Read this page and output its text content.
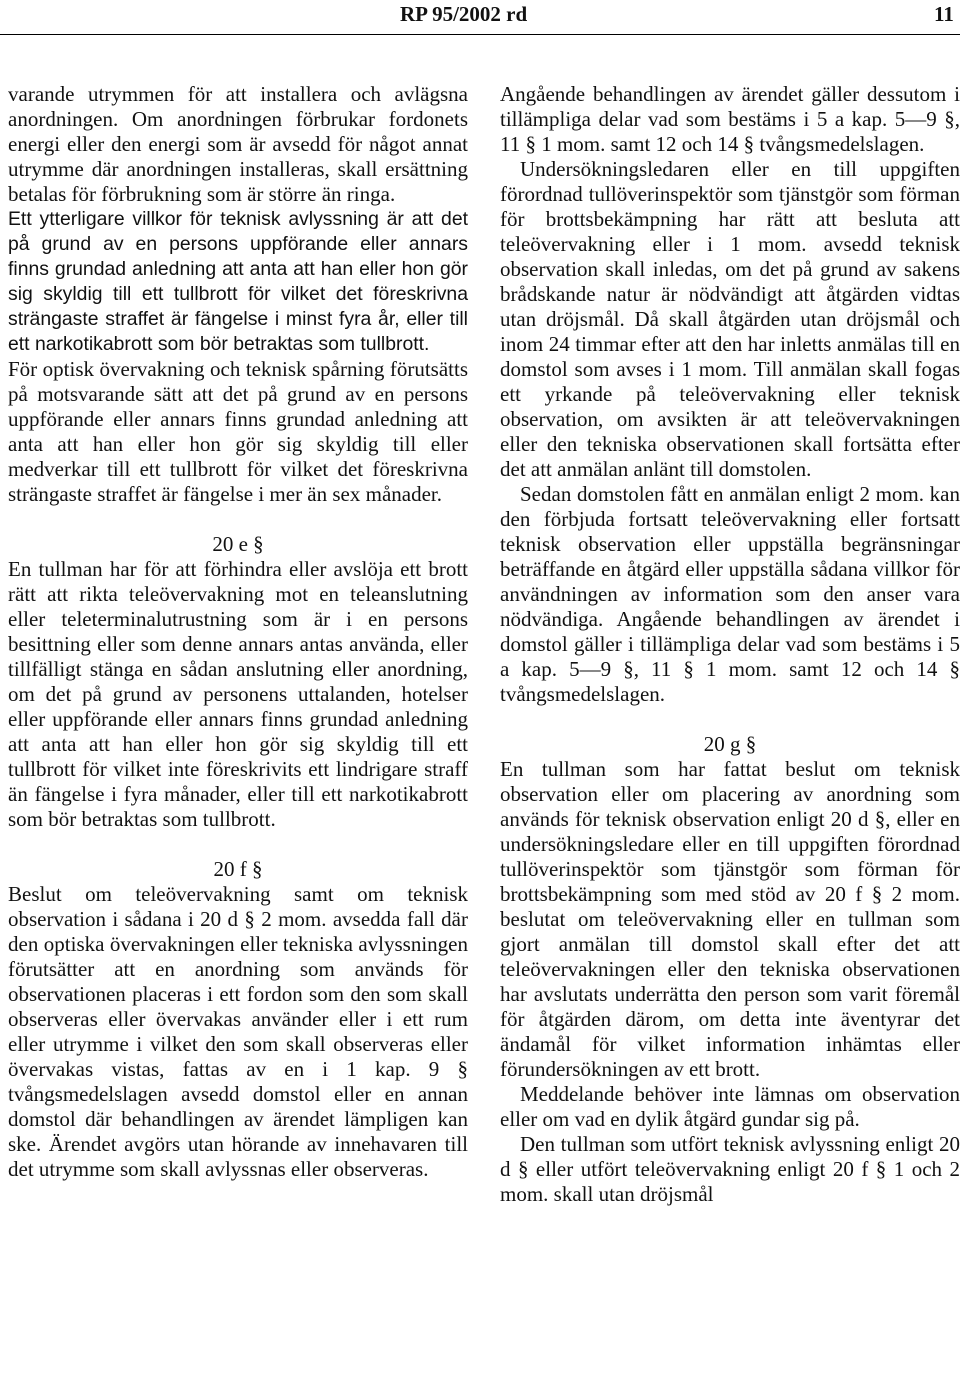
RP 95/2002 rd	11

varande utrymmen för att installera och avlägsna anordningen. Om anordningen förbrukar fordonets energi eller den energi som är avsedd för något annat utrymme där anordningen installeras, skall ersättning betalas för förbrukning som är större än ringa.

Ett ytterligare villkor för teknisk avlyssning är att det på grund av en persons uppförande eller annars finns grundad anledning att anta att han eller hon gör sig skyldig till ett tullbrott för vilket det föreskrivna strängaste straffet är fängelse i minst fyra år, eller till ett narkotikabrott som bör betraktas som tullbrott.

För optisk övervakning och teknisk spårning förutsätts på motsvarande sätt att det på grund av en persons uppförande eller annars finns grundad anledning att anta att han eller hon gör sig skyldig till eller medverkar till ett tullbrott för vilket det föreskrivna strängaste straffet är fängelse i mer än sex månader.

20 e §

En tullman har för att förhindra eller avslöja ett brott rätt att rikta teleövervakning mot en teleanslutning eller teleterminalutrustning som är i en persons besittning eller som denne annars antas använda, eller tillfälligt stänga en sådan anslutning eller anordning, om det på grund av personens uttalanden, hotelser eller uppförande eller annars finns grundad anledning att anta att han eller hon gör sig skyldig till ett tullbrott för vilket inte föreskrivits ett lindrigare straff än fängelse i fyra månader, eller till ett narkotikabrott som bör betraktas som tullbrott.

20 f §

Beslut om teleövervakning samt om teknisk observation i sådana i 20 d § 2 mom. avsedda fall där den optiska övervakningen eller tekniska avlyssningen förutsätter att en anordning som används för observationen placeras i ett fordon som den som skall observeras eller övervakas använder eller i ett rum eller utrymme i vilket den som skall observeras eller övervakas vistas, fattas av en i 1 kap. 9 § tvångsmedelslagen avsedd domstol eller en annan domstol där behandlingen av ärendet lämpligen kan ske. Ärendet avgörs utan hörande av innehavaren till det utrymme som skall avlyssnas eller observeras.

Angående behandlingen av ärendet gäller dessutom i tillämpliga delar vad som bestäms i 5 a kap. 5—9 §, 11 § 1 mom. samt 12 och 14 § tvångsmedelslagen.

Undersökningsledaren eller en till uppgiften förordnad tullöverinspektör som tjänstgör som förman för brottsbekämpning har rätt att besluta att teleövervakning eller i 1 mom. avsedd teknisk observation skall inledas, om det på grund av sakens brådskande natur är nödvändigt att åtgärden vidtas utan dröjsmål. Då skall åtgärden utan dröjsmål och inom 24 timmar efter att den har inletts anmälas till en domstol som avses i 1 mom. Till anmälan skall fogas ett yrkande på teleövervakning eller teknisk observation, om avsikten är att teleövervakningen eller den tekniska observationen skall fortsätta efter det att anmälan anlänt till domstolen.

Sedan domstolen fått en anmälan enligt 2 mom. kan den förbjuda fortsatt teleövervakning eller fortsatt teknisk observation eller uppställa begränsningar beträffande en åtgärd eller uppställa sådana villkor för användningen av information som den anser vara nödvändiga. Angående behandlingen av ärendet i domstol gäller i tillämpliga delar vad som bestäms i 5 a kap. 5—9 §, 11 § 1 mom. samt 12 och 14 § tvångsmedelslagen.

20 g §

En tullman som har fattat beslut om teknisk observation eller om placering av anordning som används för teknisk observation enligt 20 d §, eller en undersökningsledare eller en till uppgiften förordnad tullöverinspektör som tjänstgör som förman för brottsbekämpning som med stöd av 20 f § 2 mom. beslutat om teleövervakning eller en tullman som gjort anmälan till domstol skall efter det att teleövervakningen eller den tekniska observationen har avslutats underrätta den person som varit föremål för åtgärden därom, om detta inte äventyrar det ändamål för vilket information inhämtas eller förundersökningen av ett brott.

Meddelande behöver inte lämnas om observation eller om vad en dylik åtgärd gundar sig på.

Den tullman som utfört teknisk avlyssning enligt 20 d § eller utfört teleövervakning enligt 20 f § 1 och 2 mom. skall utan dröjsmål
